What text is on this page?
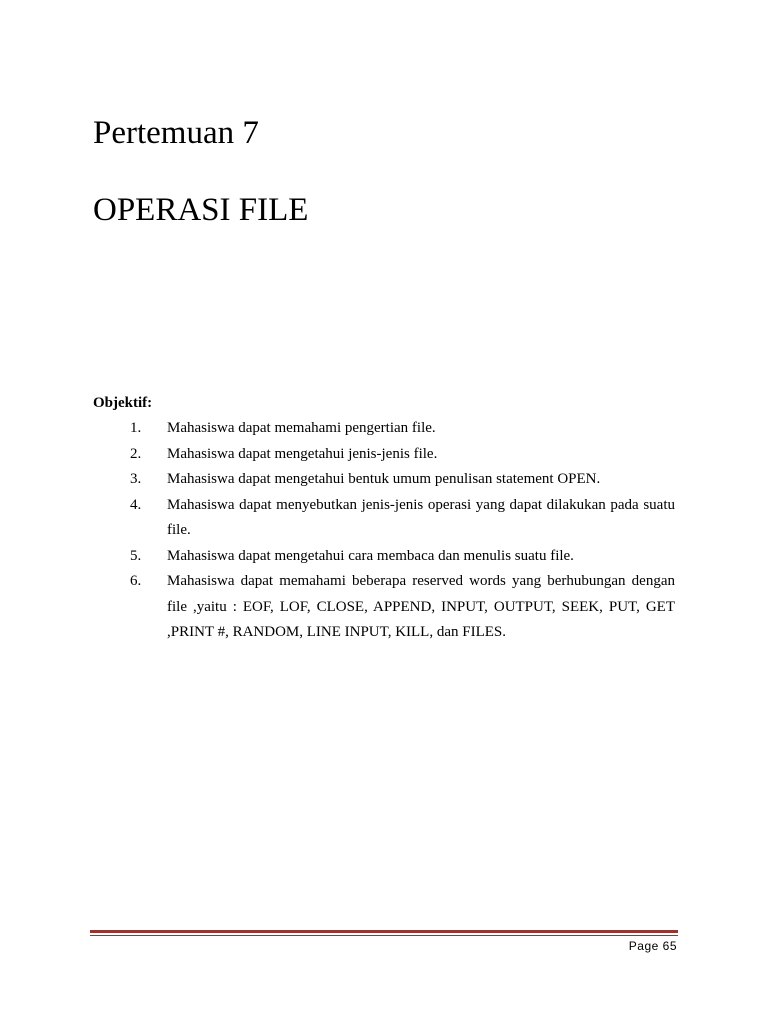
Pertemuan 7
OPERASI FILE

Objektif:

1. Mahasiswa dapat memahami pengertian file.
2. Mahasiswa dapat mengetahui jenis-jenis file.
3. Mahasiswa dapat mengetahui bentuk umum penulisan statement OPEN.
4. Mahasiswa dapat menyebutkan jenis-jenis operasi yang dapat dilakukan pada suatu file.
5. Mahasiswa dapat mengetahui cara membaca dan menulis suatu file.
6. Mahasiswa dapat memahami beberapa reserved words yang berhubungan dengan file ,yaitu : EOF, LOF, CLOSE, APPEND, INPUT, OUTPUT, SEEK, PUT, GET ,PRINT #, RANDOM, LINE INPUT, KILL, dan FILES.
Page 65
